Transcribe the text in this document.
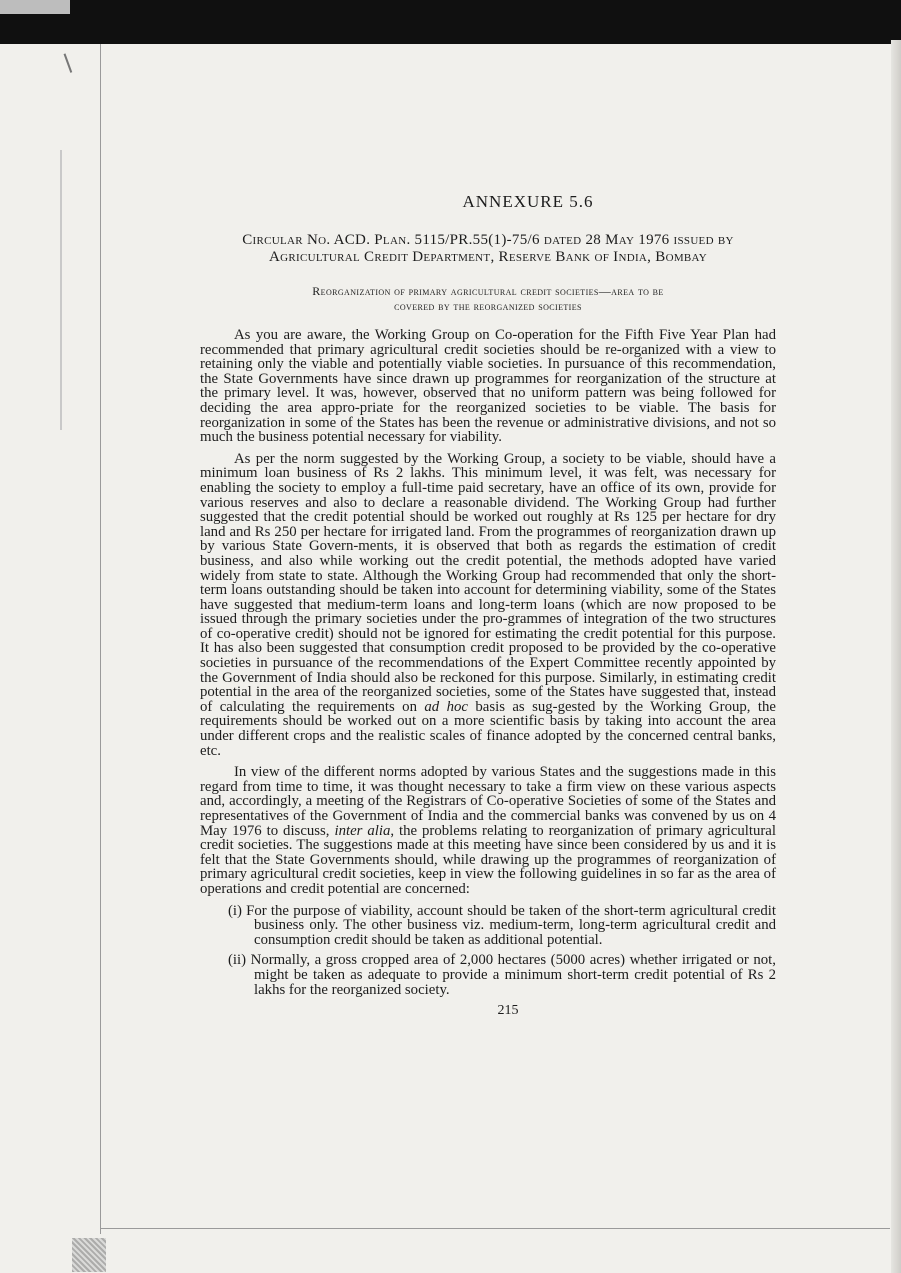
ANNEXURE 5.6
Circular No. ACD. Plan. 5115/PR.55(1)-75/6 dated 28 May 1976 issued by
Agricultural Credit Department, Reserve Bank of India, Bombay
Reorganization of primary agricultural credit societies—area to be
covered by the reorganized societies

As you are aware, the Working Group on Co-operation for the Fifth Five Year Plan had recommended that primary agricultural credit societies should be re-organized with a view to retaining only the viable and potentially viable societies. In pursuance of this recommendation, the State Governments have since drawn up programmes for reorganization of the structure at the primary level. It was, however, observed that no uniform pattern was being followed for deciding the area appro-priate for the reorganized societies to be viable. The basis for reorganization in some of the States has been the revenue or administrative divisions, and not so much the business potential necessary for viability.

As per the norm suggested by the Working Group, a society to be viable, should have a minimum loan business of Rs 2 lakhs. This minimum level, it was felt, was necessary for enabling the society to employ a full-time paid secretary, have an office of its own, provide for various reserves and also to declare a reasonable dividend. The Working Group had further suggested that the credit potential should be worked out roughly at Rs 125 per hectare for dry land and Rs 250 per hectare for irrigated land. From the programmes of reorganization drawn up by various State Govern-ments, it is observed that both as regards the estimation of credit business, and also while working out the credit potential, the methods adopted have varied widely from state to state. Although the Working Group had recommended that only the short-term loans outstanding should be taken into account for determining viability, some of the States have suggested that medium-term loans and long-term loans (which are now proposed to be issued through the primary societies under the pro-grammes of integration of the two structures of co-operative credit) should not be ignored for estimating the credit potential for this purpose. It has also been suggested that consumption credit proposed to be provided by the co-operative societies in pursuance of the recommendations of the Expert Committee recently appointed by the Government of India should also be reckoned for this purpose. Similarly, in estimating credit potential in the area of the reorganized societies, some of the States have suggested that, instead of calculating the requirements on ad hoc basis as sug-gested by the Working Group, the requirements should be worked out on a more scientific basis by taking into account the area under different crops and the realistic scales of finance adopted by the concerned central banks, etc.

In view of the different norms adopted by various States and the suggestions made in this regard from time to time, it was thought necessary to take a firm view on these various aspects and, accordingly, a meeting of the Registrars of Co-operative Societies of some of the States and representatives of the Government of India and the commercial banks was convened by us on 4 May 1976 to discuss, inter alia, the problems relating to reorganization of primary agricultural credit societies. The suggestions made at this meeting have since been considered by us and it is felt that the State Governments should, while drawing up the programmes of reorganization of primary agricultural credit societies, keep in view the following guidelines in so far as the area of operations and credit potential are concerned:

(i) For the purpose of viability, account should be taken of the short-term agricultural credit business only. The other business viz. medium-term, long-term agricultural credit and consumption credit should be taken as additional potential.
(ii) Normally, a gross cropped area of 2,000 hectares (5000 acres) whether irrigated or not, might be taken as adequate to provide a minimum short-term credit potential of Rs 2 lakhs for the reorganized society.
215
